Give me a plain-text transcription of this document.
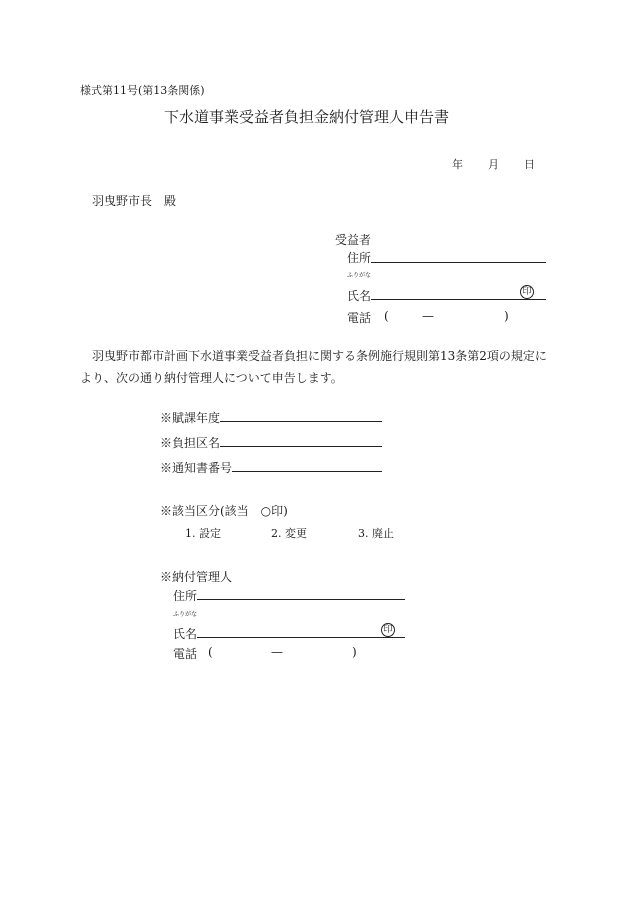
様式第11号(第13条関係)
下水道事業受益者負担金納付管理人申告書
年 月 日
羽曳野市長　殿
受益者
住所
ふりがな
氏名	印
電話 (	—	)
羽曳野市都市計画下水道事業受益者負担に関する条例施行規則第13条第2項の規定により、次の通り納付管理人について申告します。
※賦課年度
※負担区名
※通知書番号
※該当区分(該当　○印)
1. 設定	2. 変更	3. 廃止
※納付管理人
住所
ふりがな
氏名	印
電話 (	—	)
